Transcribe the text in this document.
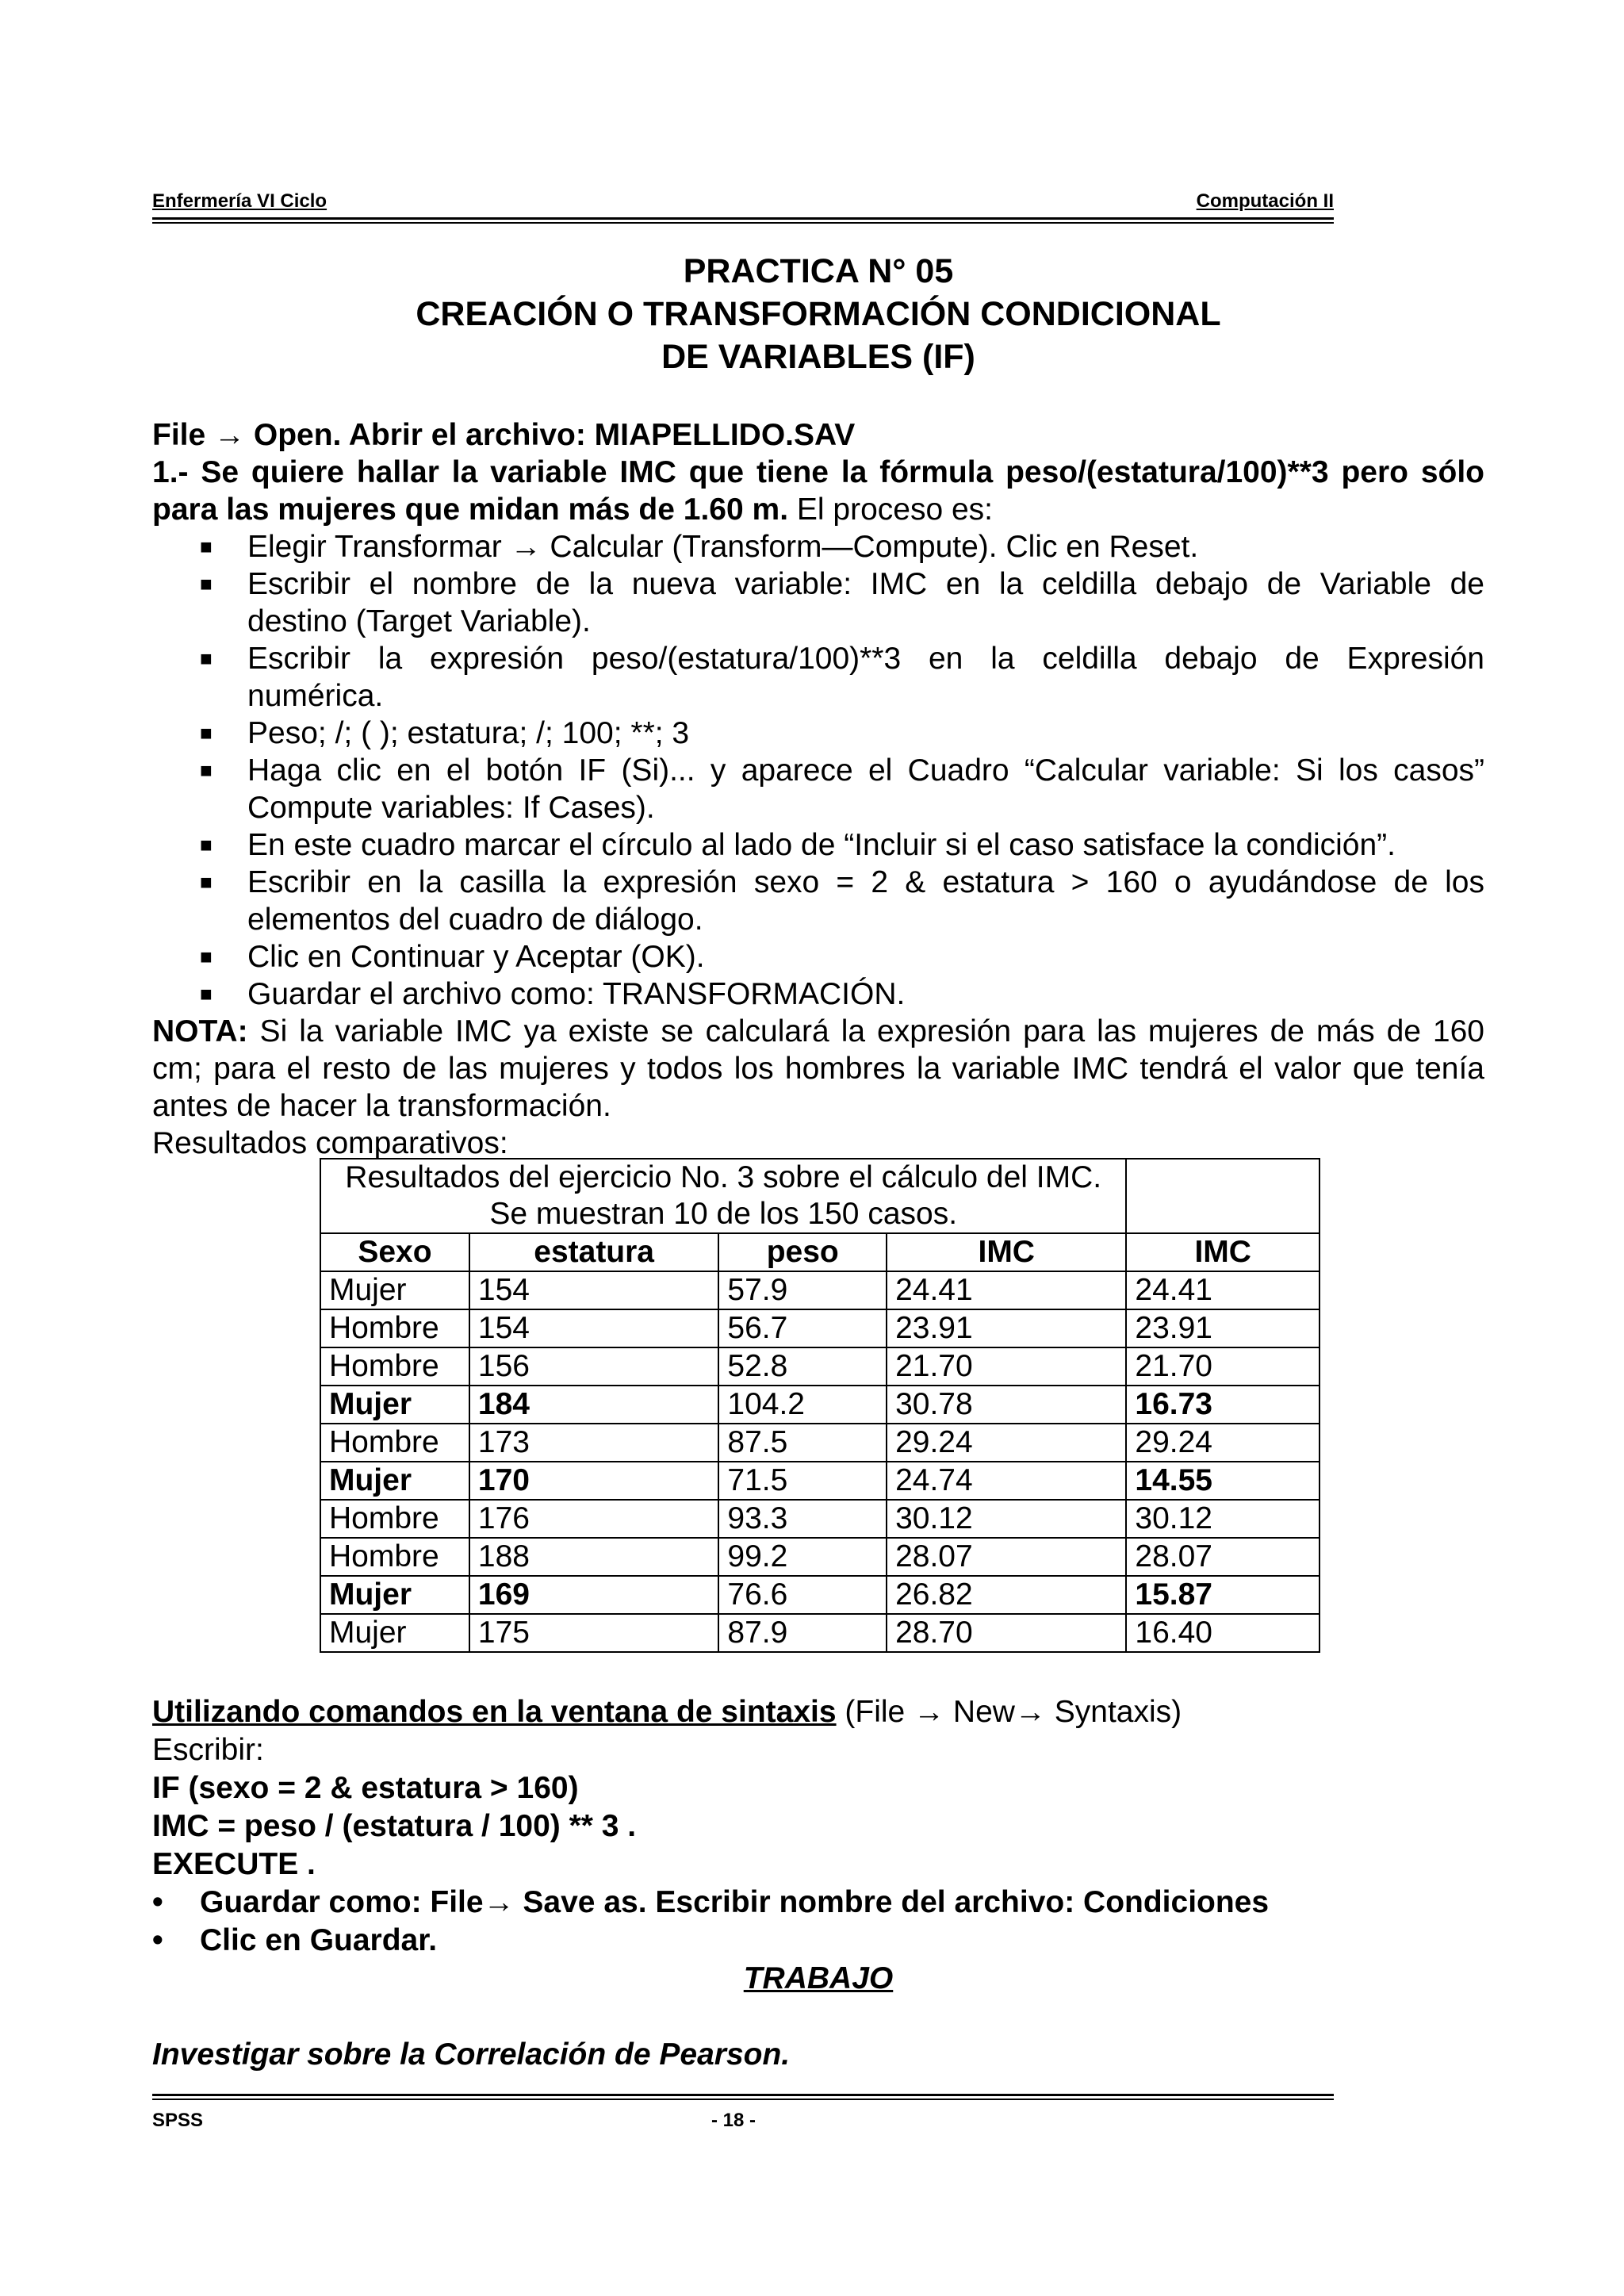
Enfermería VI Ciclo	Computación II
PRACTICA N° 05
CREACIÓN O TRANSFORMACIÓN CONDICIONAL
DE VARIABLES (IF)

File → Open. Abrir el archivo: MIAPELLIDO.SAV

1.- Se quiere hallar la variable IMC que tiene la fórmula peso/(estatura/100)**3 pero sólo

para las mujeres que midan más de 1.60 m. El proceso es:

■ Elegir Transformar → Calcular (Transform—Compute). Clic en Reset.
■ Escribir el nombre de la nueva variable: IMC en la celdilla debajo de Variable de
destino (Target Variable).
■ Escribir la expresión peso/(estatura/100)**3 en la celdilla debajo de Expresión
numérica.
■ Peso; /; ( ); estatura; /; 100; **; 3
■ Haga clic en el botón IF (Si)... y aparece el Cuadro “Calcular variable: Si los casos”
Compute variables: If Cases).
■ En este cuadro marcar el círculo al lado de “Incluir si el caso satisface la condición”.
■ Escribir en la casilla la expresión sexo = 2 & estatura > 160 o ayudándose de los
elementos del cuadro de diálogo.
■ Clic en Continuar y Aceptar (OK).
■ Guardar el archivo como: TRANSFORMACIÓN.

NOTA: Si la variable IMC ya existe se calculará la expresión para las mujeres de más de 160

cm; para el resto de las mujeres y todos los hombres la variable IMC tendrá el valor que tenía

antes de hacer la transformación.

Resultados comparativos:

Resultados del ejercicio No. 3 sobre el cálculo del IMC.
Se muestran 10 de los 150 casos.				

Sexo	estatura	peso	IMC	IMC
Mujer	154	57.9	24.41	24.41
Hombre	154	56.7	23.91	23.91
Hombre	156	52.8	21.70	21.70
Mujer	184	104.2	30.78	16.73
Hombre	173	87.5	29.24	29.24
Mujer	170	71.5	24.74	14.55
Hombre	176	93.3	30.12	30.12
Hombre	188	99.2	28.07	28.07
Mujer	169	76.6	26.82	15.87
Mujer	175	87.9	28.70	16.40

Utilizando comandos en la ventana de sintaxis (File → New→ Syntaxis)

Escribir:

IF (sexo = 2 & estatura > 160)

IMC = peso / (estatura / 100) ** 3 .

EXECUTE .

• Guardar como: File→ Save as. Escribir nombre del archivo: Condiciones
• Clic en Guardar.

TRABAJO

Investigar sobre la Correlación de Pearson.

SPSS	- 18 -
